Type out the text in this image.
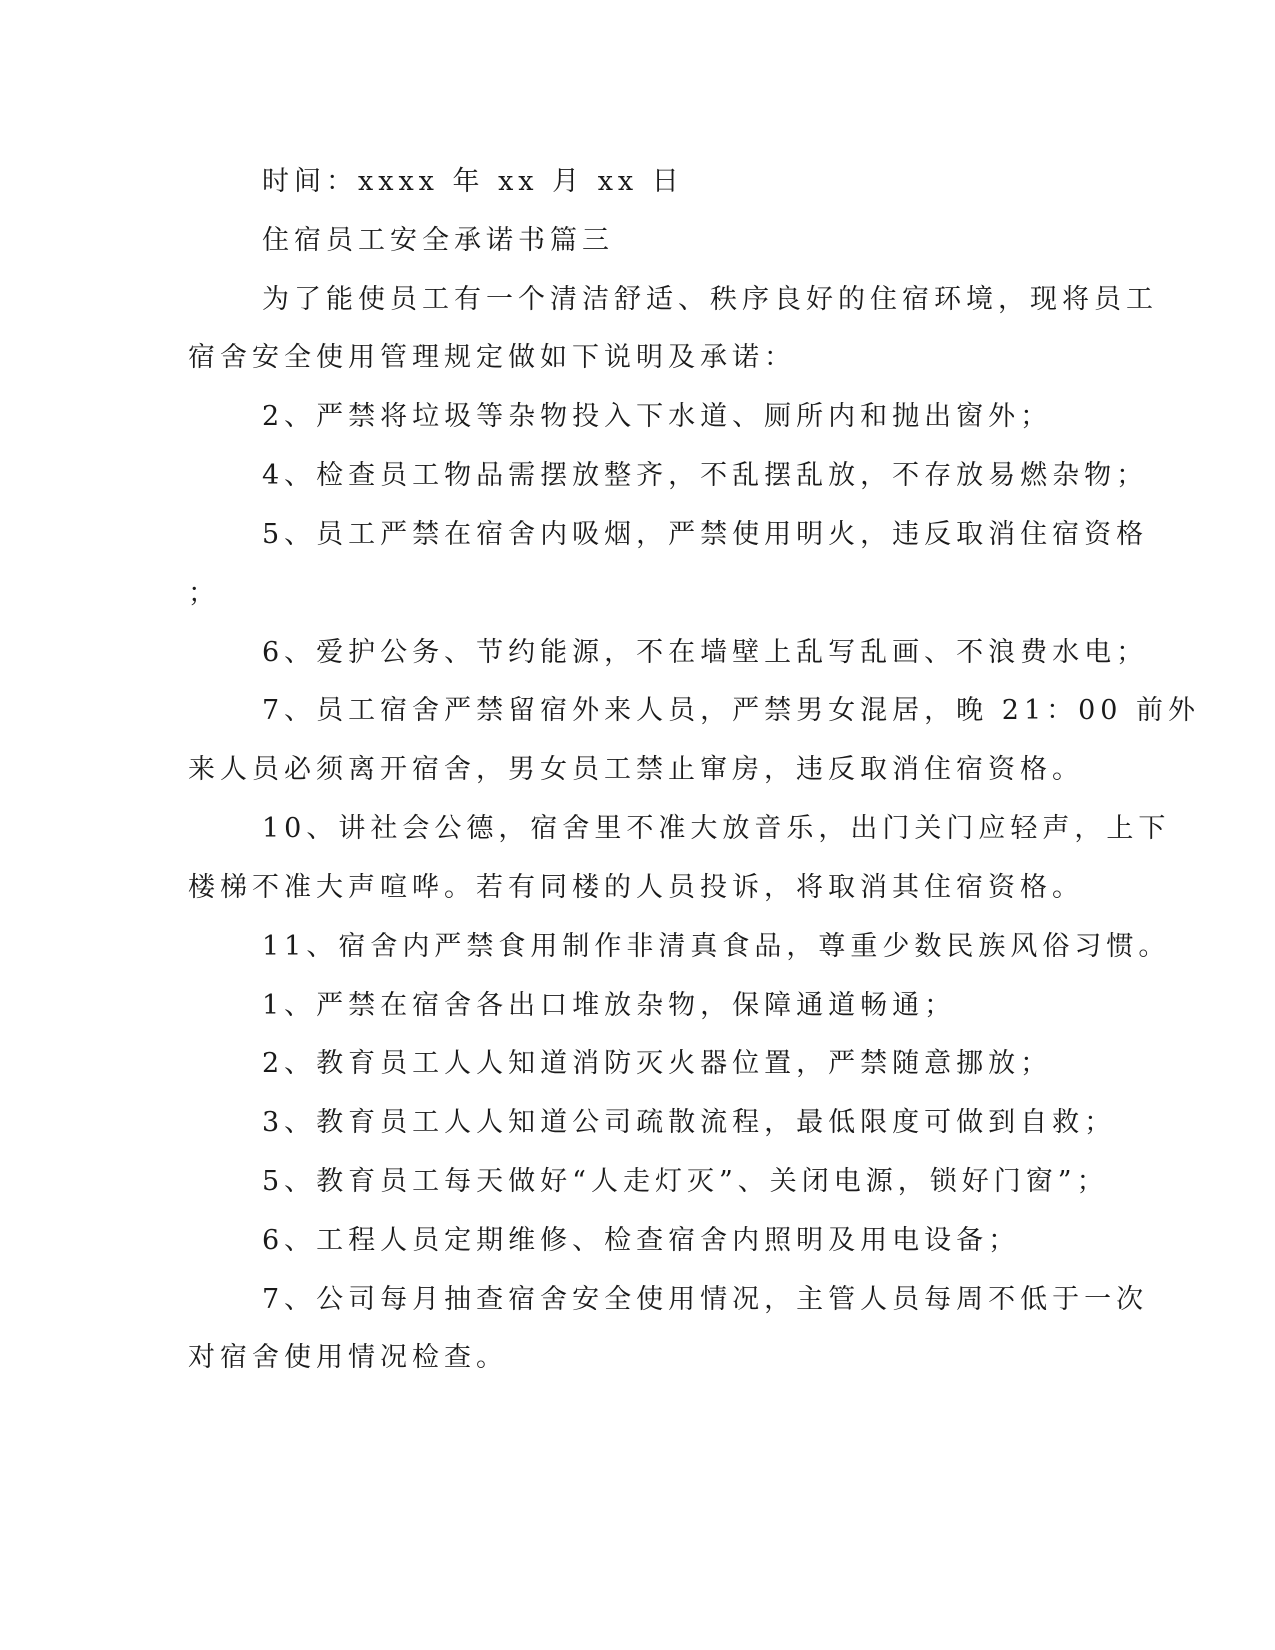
时间：xxxx 年 xx 月 xx 日
住宿员工安全承诺书篇三
为了能使员工有一个清洁舒适、秩序良好的住宿环境，现将员工
宿舍安全使用管理规定做如下说明及承诺：
2、严禁将垃圾等杂物投入下水道、厕所内和抛出窗外；
4、检查员工物品需摆放整齐，不乱摆乱放，不存放易燃杂物；
5、员工严禁在宿舍内吸烟，严禁使用明火，违反取消住宿资格
；
6、爱护公务、节约能源，不在墙壁上乱写乱画、不浪费水电；
7、员工宿舍严禁留宿外来人员，严禁男女混居，晚 21：00 前外
来人员必须离开宿舍，男女员工禁止窜房，违反取消住宿资格。
10、讲社会公德，宿舍里不准大放音乐，出门关门应轻声，上下
楼梯不准大声喧哗。若有同楼的人员投诉，将取消其住宿资格。
11、宿舍内严禁食用制作非清真食品，尊重少数民族风俗习惯。
1、严禁在宿舍各出口堆放杂物，保障通道畅通；
2、教育员工人人知道消防灭火器位置，严禁随意挪放；
3、教育员工人人知道公司疏散流程，最低限度可做到自救；
5、教育员工每天做好“人走灯灭”、关闭电源，锁好门窗”；
6、工程人员定期维修、检查宿舍内照明及用电设备；
7、公司每月抽查宿舍安全使用情况，主管人员每周不低于一次
对宿舍使用情况检查。
